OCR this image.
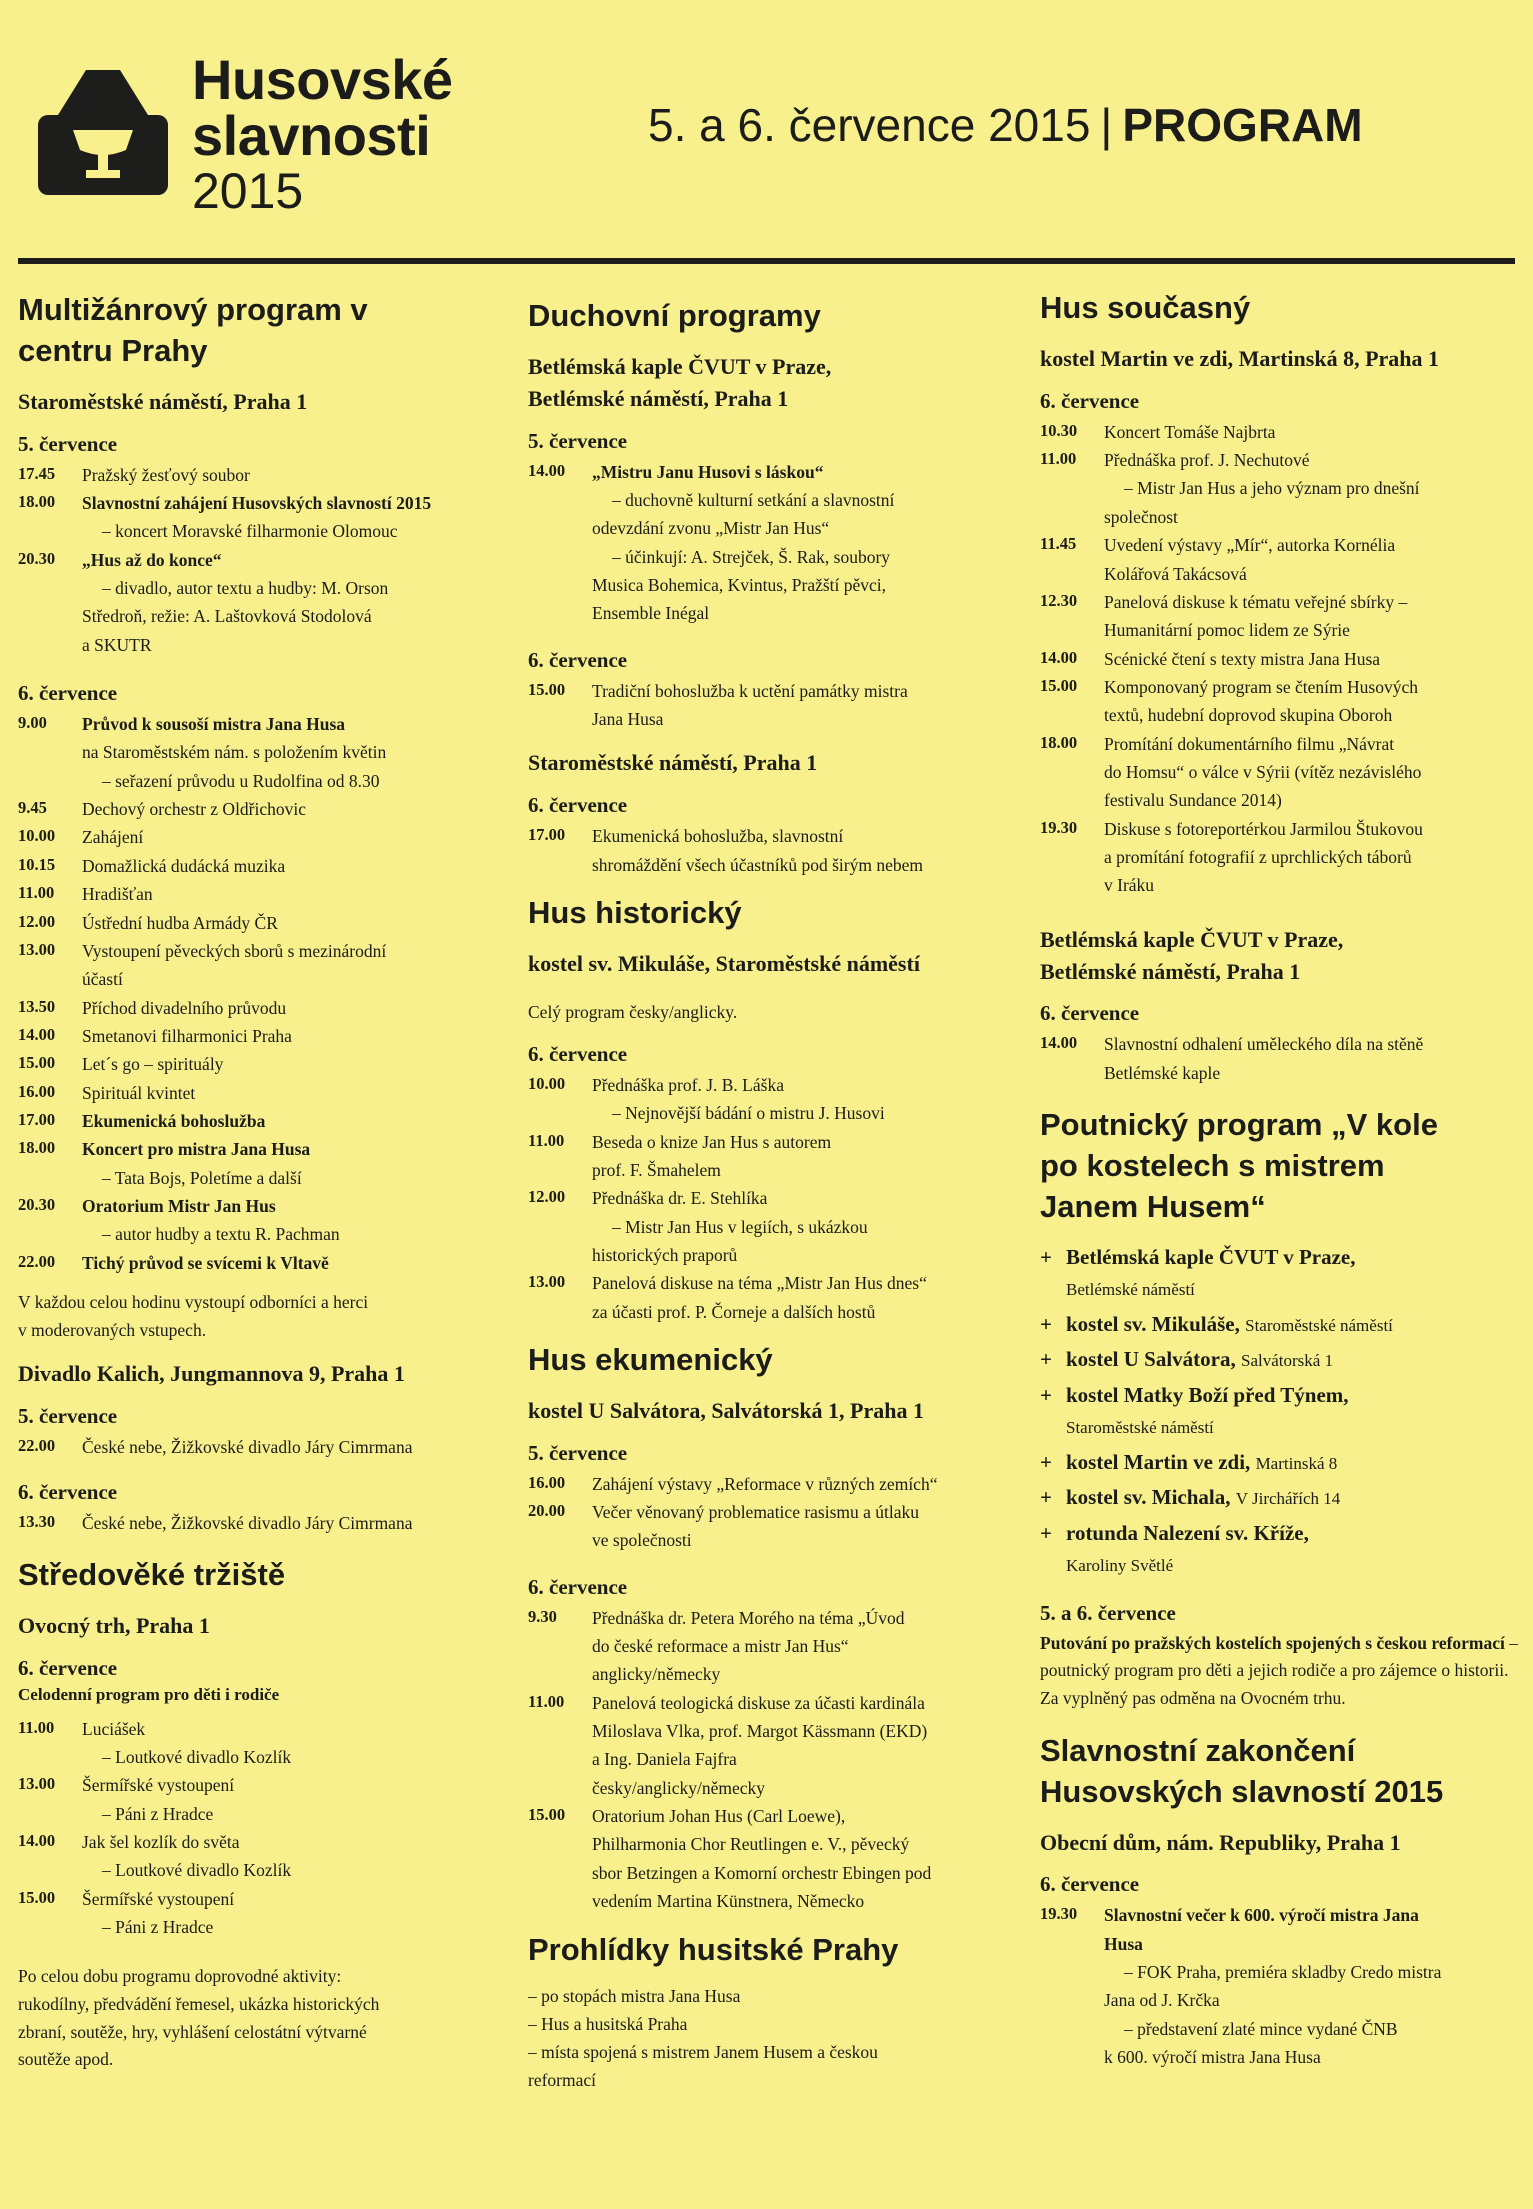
Husovské
slavnosti
2015
5. a 6. července 2015 | PROGRAM
Multižánrový program v centru Prahy
Staroměstské náměstí, Praha 1
5. července
17.45	Pražský žesťový soubor
18.00	Slavnostní zahájení Husovských slavností 2015
– koncert Moravské filharmonie Olomouc
20.30	„Hus až do konce“
– divadlo, autor textu a hudby: M. Orson
Středroň, režie: A. Laštovková Stodolová
a SKUTR
6. července
9.00	Průvod k sousoší mistra Jana Husa
na Staroměstském nám. s položením květin
– seřazení průvodu u Rudolfina od 8.30
9.45	Dechový orchestr z Oldřichovic
10.00	Zahájení
10.15	Domažlická dudácká muzika
11.00	Hradišťan
12.00	Ústřední hudba Armády ČR
13.00	Vystoupení pěveckých sborů s mezinárodní
účastí
13.50	Příchod divadelního průvodu
14.00	Smetanovi filharmonici Praha
15.00	Let´s go – spirituály
16.00	Spirituál kvintet
17.00	Ekumenická bohoslužba
18.00	Koncert pro mistra Jana Husa
– Tata Bojs, Poletíme a další
20.30	Oratorium Mistr Jan Hus
– autor hudby a textu R. Pachman
22.00	Tichý průvod se svícemi k Vltavě
V každou celou hodinu vystoupí odborníci a herci
v moderovaných vstupech.
Divadlo Kalich, Jungmannova 9, Praha 1
5. července
22.00	České nebe, Žižkovské divadlo Járy Cimrmana
6. července
13.30	České nebe, Žižkovské divadlo Járy Cimrmana
Středověké tržiště
Ovocný trh, Praha 1
6. července
Celodenní program pro děti i rodiče
11.00	Luciášek
– Loutkové divadlo Kozlík
13.00	Šermířské vystoupení
– Páni z Hradce
14.00	Jak šel kozlík do světa
– Loutkové divadlo Kozlík
15.00	Šermířské vystoupení
– Páni z Hradce
Po celou dobu programu doprovodné aktivity:
rukodílny, předvádění řemesel, ukázka historických
zbraní, soutěže, hry, vyhlášení celostátní výtvarné
soutěže apod.
Duchovní programy
Betlémská kaple ČVUT v Praze,
Betlémské náměstí, Praha 1
5. července
14.00	„Mistru Janu Husovi s láskou“
– duchovně kulturní setkání a slavnostní
odevzdání zvonu „Mistr Jan Hus“
– účinkují: A. Strejček, Š. Rak, soubory
Musica Bohemica, Kvintus, Pražští pěvci,
Ensemble Inégal
6. července
15.00	Tradiční bohoslužba k uctění památky mistra
Jana Husa
Staroměstské náměstí, Praha 1
6. července
17.00	Ekumenická bohoslužba, slavnostní
shromáždění všech účastníků pod širým nebem
Hus historický
kostel sv. Mikuláše, Staroměstské náměstí
Celý program česky/anglicky.
6. července
10.00	Přednáška prof. J. B. Láška
– Nejnovější bádání o mistru J. Husovi
11.00	Beseda o knize Jan Hus s autorem
prof. F. Šmahelem
12.00	Přednáška dr. E. Stehlíka
– Mistr Jan Hus v legiích, s ukázkou
historických praporů
13.00	Panelová diskuse na téma „Mistr Jan Hus dnes“
za účasti prof. P. Čorneje a dalších hostů
Hus ekumenický
kostel U Salvátora, Salvátorská 1, Praha 1
5. července
16.00	Zahájení výstavy „Reformace v různých zemích“
20.00	Večer věnovaný problematice rasismu a útlaku
ve společnosti
6. července
9.30	Přednáška dr. Petera Morého na téma „Úvod
do české reformace a mistr Jan Hus“
anglicky/německy
11.00	Panelová teologická diskuse za účasti kardinála
Miloslava Vlka, prof. Margot Kässmann (EKD)
a Ing. Daniela Fajfra
česky/anglicky/německy
15.00	Oratorium Johan Hus (Carl Loewe),
Philharmonia Chor Reutlingen e. V., pěvecký
sbor Betzingen a Komorní orchestr Ebingen pod
vedením Martina Künstnera, Německo
Prohlídky husitské Prahy
– po stopách mistra Jana Husa
– Hus a husitská Praha
– místa spojená s mistrem Janem Husem a českou
reformací
Hus současný
kostel Martin ve zdi, Martinská 8, Praha 1
6. července
10.30	Koncert Tomáše Najbrta
11.00	Přednáška prof. J. Nechutové
– Mistr Jan Hus a jeho význam pro dnešní
společnost
11.45	Uvedení výstavy „Mír“, autorka Kornélia
Kolářová Takácsová
12.30	Panelová diskuse k tématu veřejné sbírky –
Humanitární pomoc lidem ze Sýrie
14.00	Scénické čtení s texty mistra Jana Husa
15.00	Komponovaný program se čtením Husových
textů, hudební doprovod skupina Oboroh
18.00	Promítání dokumentárního filmu „Návrat
do Homsu“ o válce v Sýrii (vítěz nezávislého
festivalu Sundance 2014)
19.30	Diskuse s fotoreportérkou Jarmilou Štukovou
a promítání fotografií z uprchlických táborů
v Iráku
Betlémská kaple ČVUT v Praze,
Betlémské náměstí, Praha 1
6. července
14.00	Slavnostní odhalení uměleckého díla na stěně
Betlémské kaple
Poutnický program „V kole
po kostelech s mistrem
Janem Husem“
+ Betlémská kaple ČVUT v Praze,
Betlémské náměstí
+ kostel sv. Mikuláše, Staroměstské náměstí
+ kostel U Salvátora, Salvátorská 1
+ kostel Matky Boží před Týnem,
Staroměstské náměstí
+ kostel Martin ve zdi, Martinská 8
+ kostel sv. Michala, V Jirchářích 14
+ rotunda Nalezení sv. Kříže,
Karoliny Světlé
5. a 6. července
Putování po pražských kostelích spojených s českou reformací – poutnický program pro děti a jejich rodiče a pro zájemce o historii. Za vyplněný pas odměna na Ovocném trhu.
Slavnostní zakončení
Husovských slavností 2015
Obecní dům, nám. Republiky, Praha 1
6. července
19.30	Slavnostní večer k 600. výročí mistra Jana
Husa
– FOK Praha, premiéra skladby Credo mistra
Jana od J. Krčka
– představení zlaté mince vydané ČNB
k 600. výročí mistra Jana Husa
